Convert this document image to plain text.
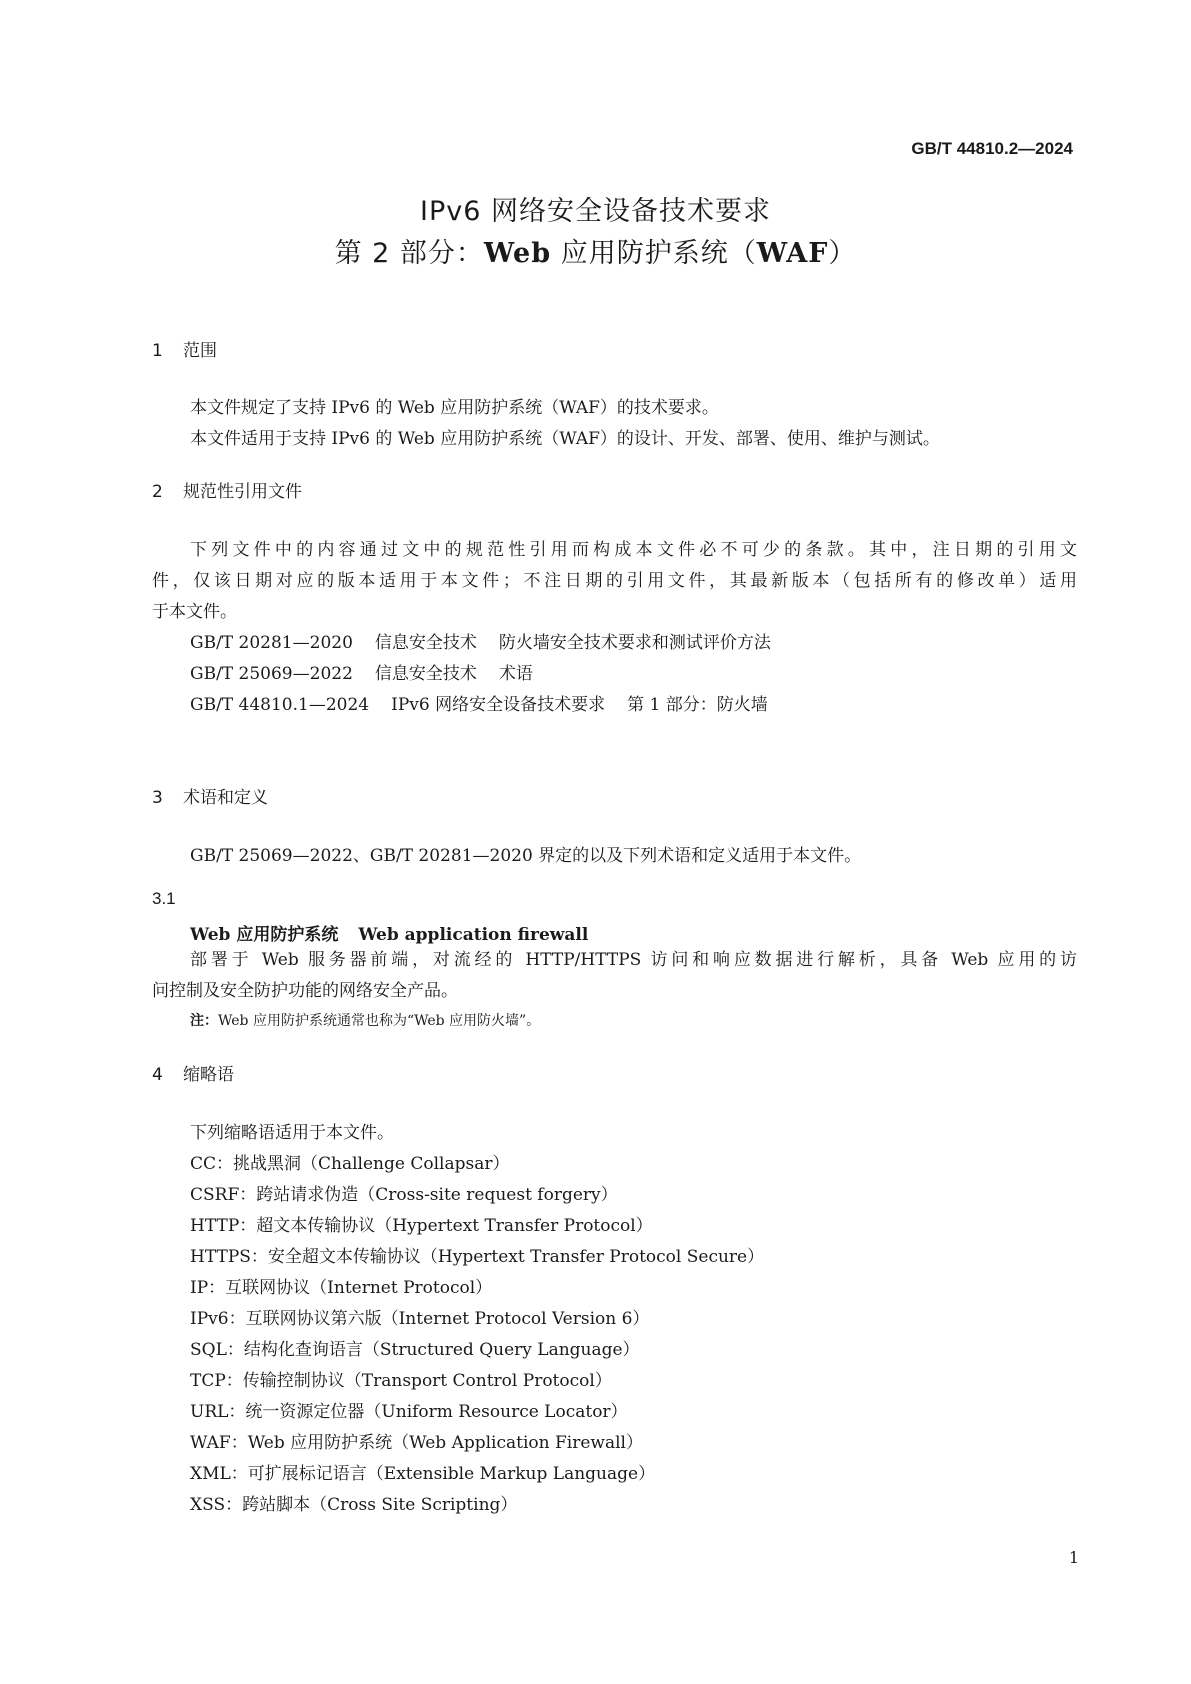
GB/T 44810.2—2024
IPv6 网络安全设备技术要求
第 2 部分：Web 应用防护系统（WAF）
1 范围
本文件规定了支持 IPv6 的 Web 应用防护系统（WAF）的技术要求。
本文件适用于支持 IPv6 的 Web 应用防护系统（WAF）的设计、开发、部署、使用、维护与测试。
2 规范性引用文件
下列文件中的内容通过文中的规范性引用而构成本文件必不可少的条款。其中，注日期的引用文
件，仅该日期对应的版本适用于本文件；不注日期的引用文件，其最新版本（包括所有的修改单）适用
于本文件。
GB/T 20281—2020 信息安全技术 防火墙安全技术要求和测试评价方法
GB/T 25069—2022 信息安全技术 术语
GB/T 44810.1—2024 IPv6 网络安全设备技术要求 第 1 部分：防火墙
3 术语和定义
GB/T 25069—2022、GB/T 20281—2020 界定的以及下列术语和定义适用于本文件。
3.1
Web 应用防护系统 Web application firewall
部署于 Web 服务器前端，对流经的 HTTP/HTTPS 访问和响应数据进行解析，具备 Web 应用的访
问控制及安全防护功能的网络安全产品。
注：Web 应用防护系统通常也称为“Web 应用防火墙”。
4 缩略语
下列缩略语适用于本文件。
CC：挑战黑洞（Challenge Collapsar）
CSRF：跨站请求伪造（Cross-site request forgery）
HTTP：超文本传输协议（Hypertext Transfer Protocol）
HTTPS：安全超文本传输协议（Hypertext Transfer Protocol Secure）
IP：互联网协议（Internet Protocol）
IPv6：互联网协议第六版（Internet Protocol Version 6）
SQL：结构化查询语言（Structured Query Language）
TCP：传输控制协议（Transport Control Protocol）
URL：统一资源定位器（Uniform Resource Locator）
WAF：Web 应用防护系统（Web Application Firewall）
XML：可扩展标记语言（Extensible Markup Language）
XSS：跨站脚本（Cross Site Scripting）
1
